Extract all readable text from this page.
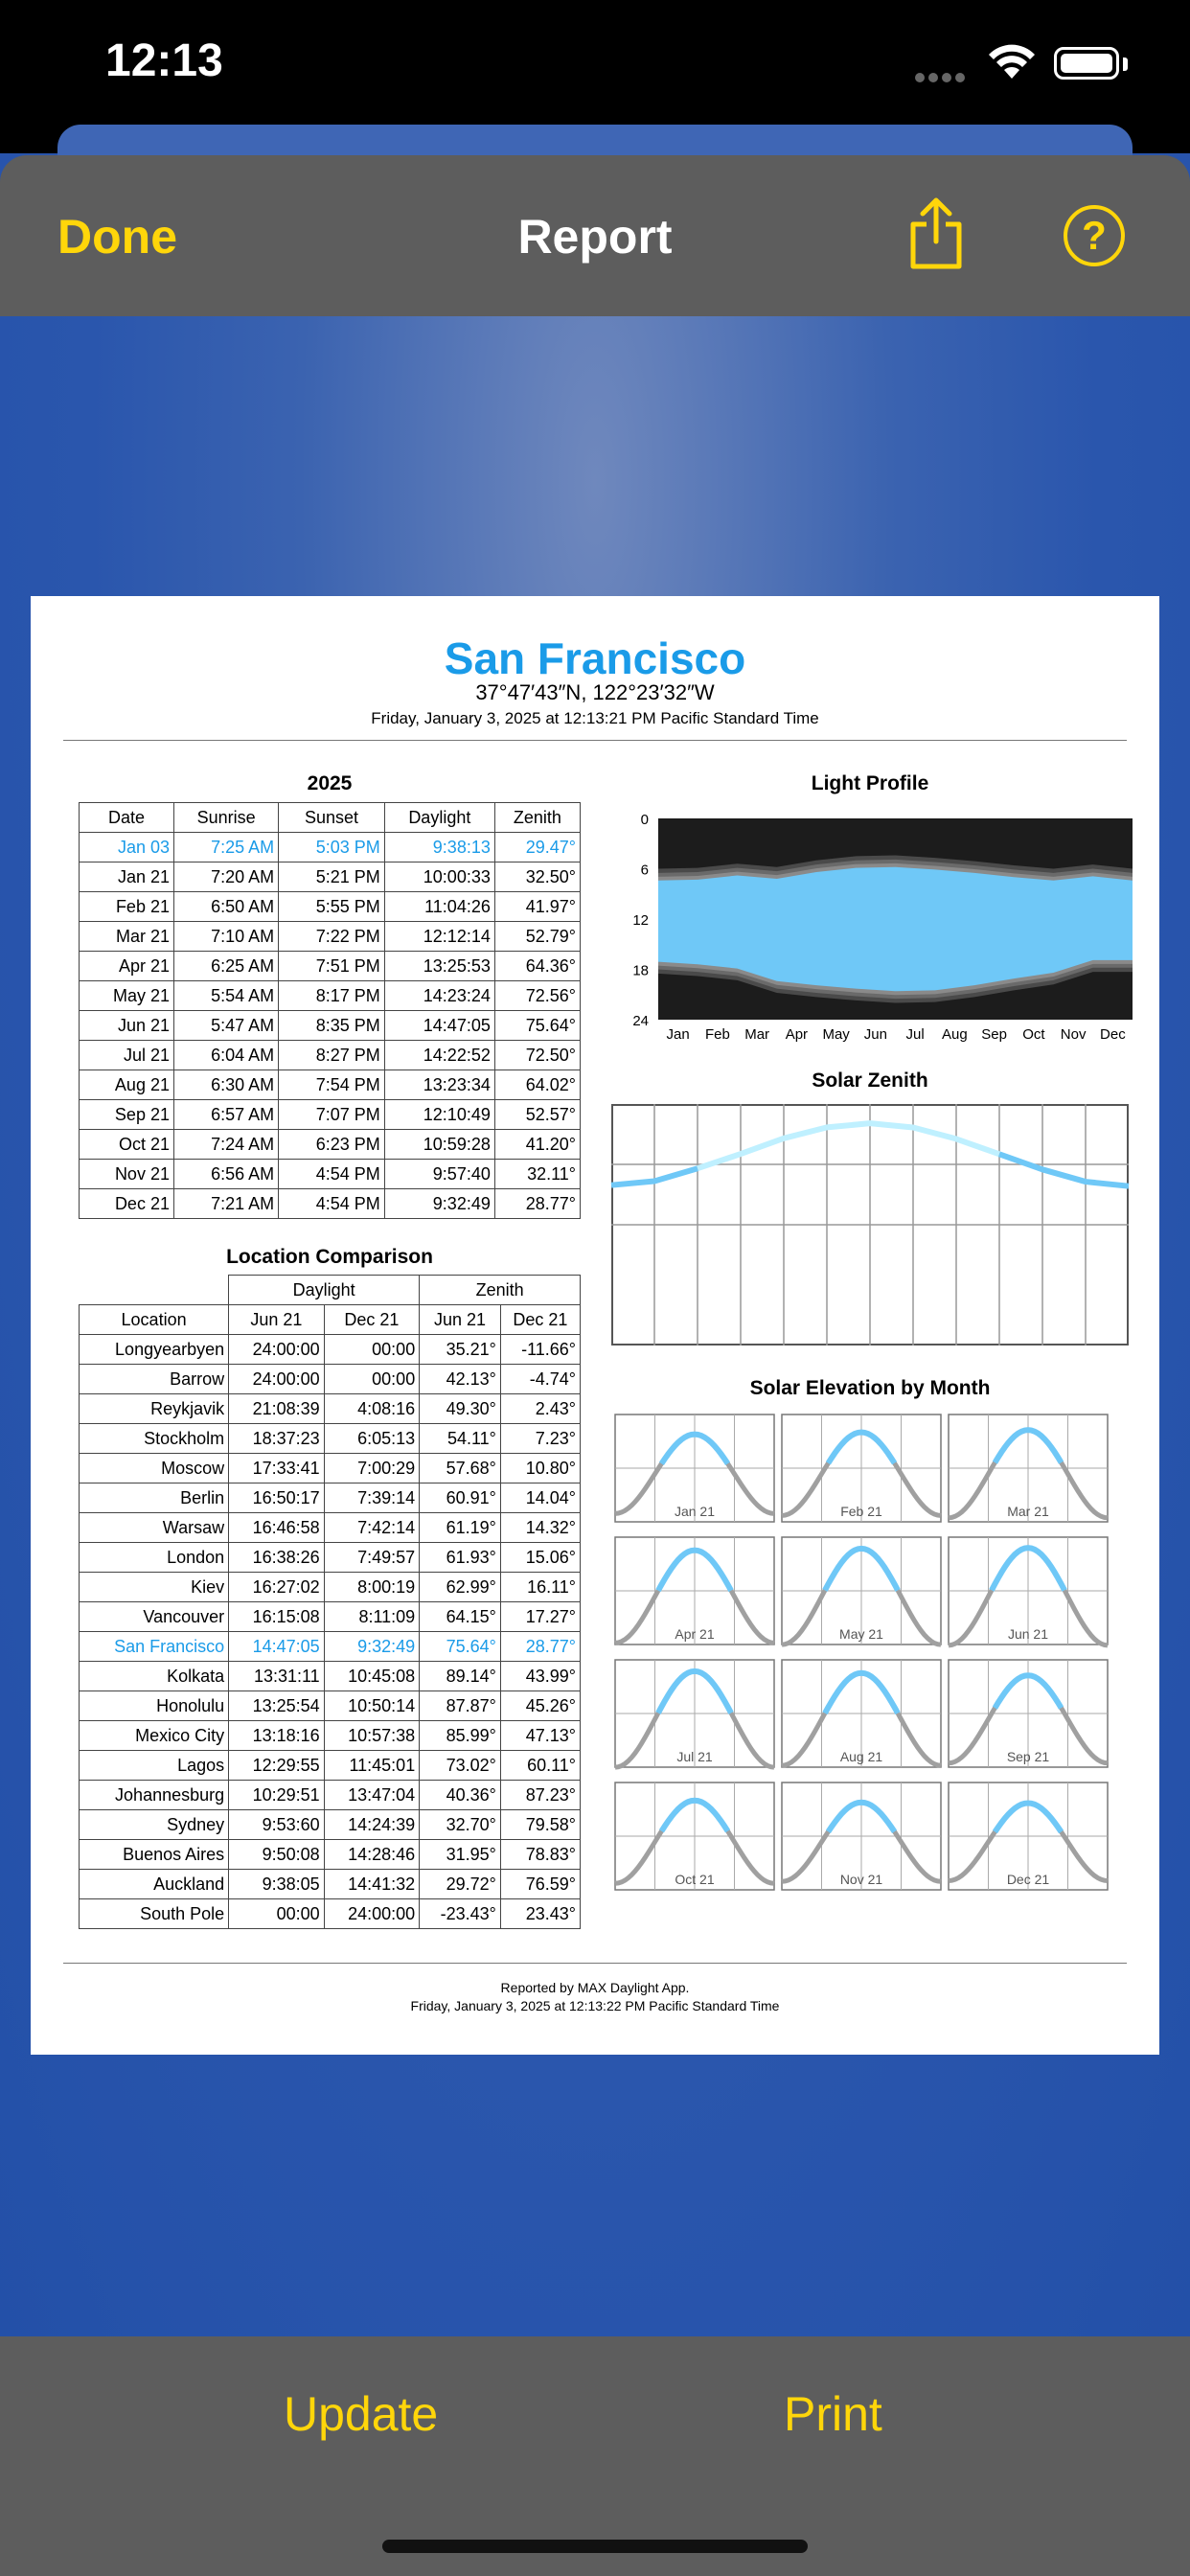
12:13
Done	Report	?
San Francisco
37°47′43″N, 122°23′32″W
Friday, January 3, 2025 at 12:13:21 PM Pacific Standard Time
2025
Date	Sunrise	Sunset	Daylight	Zenith
Jan 03	7:25 AM	5:03 PM	9:38:13	29.47°
Jan 21	7:20 AM	5:21 PM	10:00:33	32.50°
Feb 21	6:50 AM	5:55 PM	11:04:26	41.97°
Mar 21	7:10 AM	7:22 PM	12:12:14	52.79°
Apr 21	6:25 AM	7:51 PM	13:25:53	64.36°
May 21	5:54 AM	8:17 PM	14:23:24	72.56°
Jun 21	5:47 AM	8:35 PM	14:47:05	75.64°
Jul 21	6:04 AM	8:27 PM	14:22:52	72.50°
Aug 21	6:30 AM	7:54 PM	13:23:34	64.02°
Sep 21	6:57 AM	7:07 PM	12:10:49	52.57°
Oct 21	7:24 AM	6:23 PM	10:59:28	41.20°
Nov 21	6:56 AM	4:54 PM	9:57:40	32.11°
Dec 21	7:21 AM	4:54 PM	9:32:49	28.77°
Location Comparison
	Daylight		Zenith	
Location	Jun 21	Dec 21	Jun 21	Dec 21
Longyearbyen	24:00:00	00:00	35.21°	-11.66°
Barrow	24:00:00	00:00	42.13°	-4.74°
Reykjavik	21:08:39	4:08:16	49.30°	2.43°
Stockholm	18:37:23	6:05:13	54.11°	7.23°
Moscow	17:33:41	7:00:29	57.68°	10.80°
Berlin	16:50:17	7:39:14	60.91°	14.04°
Warsaw	16:46:58	7:42:14	61.19°	14.32°
London	16:38:26	7:49:57	61.93°	15.06°
Kiev	16:27:02	8:00:19	62.99°	16.11°
Vancouver	16:15:08	8:11:09	64.15°	17.27°
San Francisco	14:47:05	9:32:49	75.64°	28.77°
Kolkata	13:31:11	10:45:08	89.14°	43.99°
Honolulu	13:25:54	10:50:14	87.87°	45.26°
Mexico City	13:18:16	10:57:38	85.99°	47.13°
Lagos	12:29:55	11:45:01	73.02°	60.11°
Johannesburg	10:29:51	13:47:04	40.36°	87.23°
Sydney	9:53:60	14:24:39	32.70°	79.58°
Buenos Aires	9:50:08	14:28:46	31.95°	78.83°
Auckland	9:38:05	14:41:32	29.72°	76.59°
South Pole	00:00	24:00:00	-23.43°	23.43°
Light Profile
0
6
12
18
24
Jan Feb Mar Apr May Jun Jul Aug Sep Oct Nov Dec
Solar Zenith
Solar Elevation by Month
Jan 21	Feb 21	Mar 21
Apr 21	May 21	Jun 21
Jul 21	Aug 21	Sep 21
Oct 21	Nov 21	Dec 21
Reported by MAX Daylight App.
Friday, January 3, 2025 at 12:13:22 PM Pacific Standard Time
Update	Print
